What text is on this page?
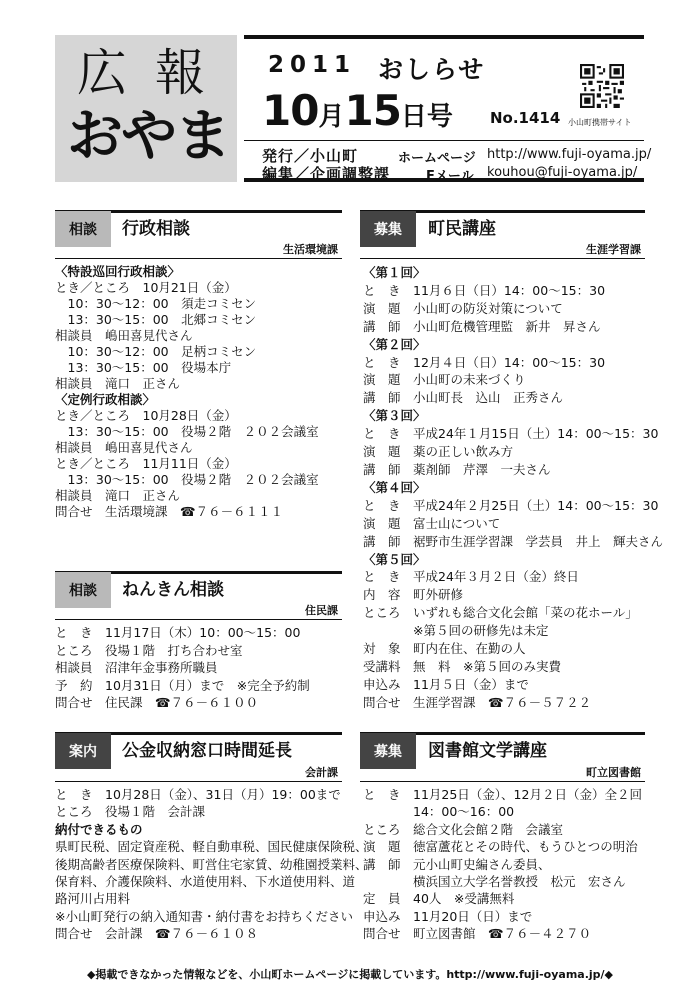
広報
おやま
2011 おしらせ
10月15日号 No.1414 小山町携帯サイト
発行／小山町
編集／企画調整課
ホームページ http://www.fuji-oyama.jp/
Eメール kouhou@fuji-oyama.jp/
相談	行政相談
生活環境課
〈特設巡回行政相談〉
とき／ところ　10月21日（金）
　10：30～12：00　須走コミセン
　13：30～15：00　北郷コミセン
相談員　嶋田喜見代さん
　10：30～12：00　足柄コミセン
　13：30～15：00　役場本庁
相談員　滝口　正さん
〈定例行政相談〉
とき／ところ　10月28日（金）
　13：30～15：00　役場２階　２０２会議室
相談員　嶋田喜見代さん
とき／ところ　11月11日（金）
　13：30～15：00　役場２階　２０２会議室
相談員　滝口　正さん
問合せ　生活環境課　☎７６－６１１１
相談	ねんきん相談
住民課
と　き　11月17日（木）10：00～15：00
ところ　役場１階　打ち合わせ室
相談員　沼津年金事務所職員
予　約　10月31日（月）まで　※完全予約制
問合せ　住民課　☎７６－６１００
案内	公金収納窓口時間延長
会計課
と　き　10月28日（金）、31日（月）19：00まで
ところ　役場１階　会計課
納付できるもの
県町民税、固定資産税、軽自動車税、国民健康保険税、
後期高齢者医療保険料、町営住宅家賃、幼稚園授業料、
保育料、介護保険料、水道使用料、下水道使用料、道
路河川占用料
※小山町発行の納入通知書・納付書をお持ちください
問合せ　会計課　☎７６－６１０８
募集	町民講座
生涯学習課
〈第１回〉
と　き　11月６日（日）14：00～15：30
演　題　小山町の防災対策について
講　師　小山町危機管理監　新井　昇さん
〈第２回〉
と　き　12月４日（日）14：00～15：30
演　題　小山町の未来づくり
講　師　小山町長　込山　正秀さん
〈第３回〉
と　き　平成24年１月15日（土）14：00～15：30
演　題　薬の正しい飲み方
講　師　薬剤師　芹澤　一夫さん
〈第４回〉
と　き　平成24年２月25日（土）14：00～15：30
演　題　富士山について
講　師　裾野市生涯学習課　学芸員　井上　輝夫さん
〈第５回〉
と　き　平成24年３月２日（金）終日
内　容　町外研修
ところ　いずれも総合文化会館「菜の花ホール」
　　　　※第５回の研修先は未定
対　象　町内在住、在勤の人
受講料　無　料　※第５回のみ実費
申込み　11月５日（金）まで
問合せ　生涯学習課　☎７６－５７２２
募集	図書館文学講座
町立図書館
と　き　11月25日（金）、12月２日（金）全２回
　　　　14：00～16：00
ところ　総合文化会館２階　会議室
演　題　徳富蘆花とその時代、もうひとつの明治
講　師　元小山町史編さん委員、
　　　　横浜国立大学名誉教授　松元　宏さん
定　員　40人　※受講無料
申込み　11月20日（日）まで
問合せ　町立図書館　☎７６－４２７０
◆掲載できなかった情報などを、小山町ホームページに掲載しています。http://www.fuji-oyama.jp/◆
